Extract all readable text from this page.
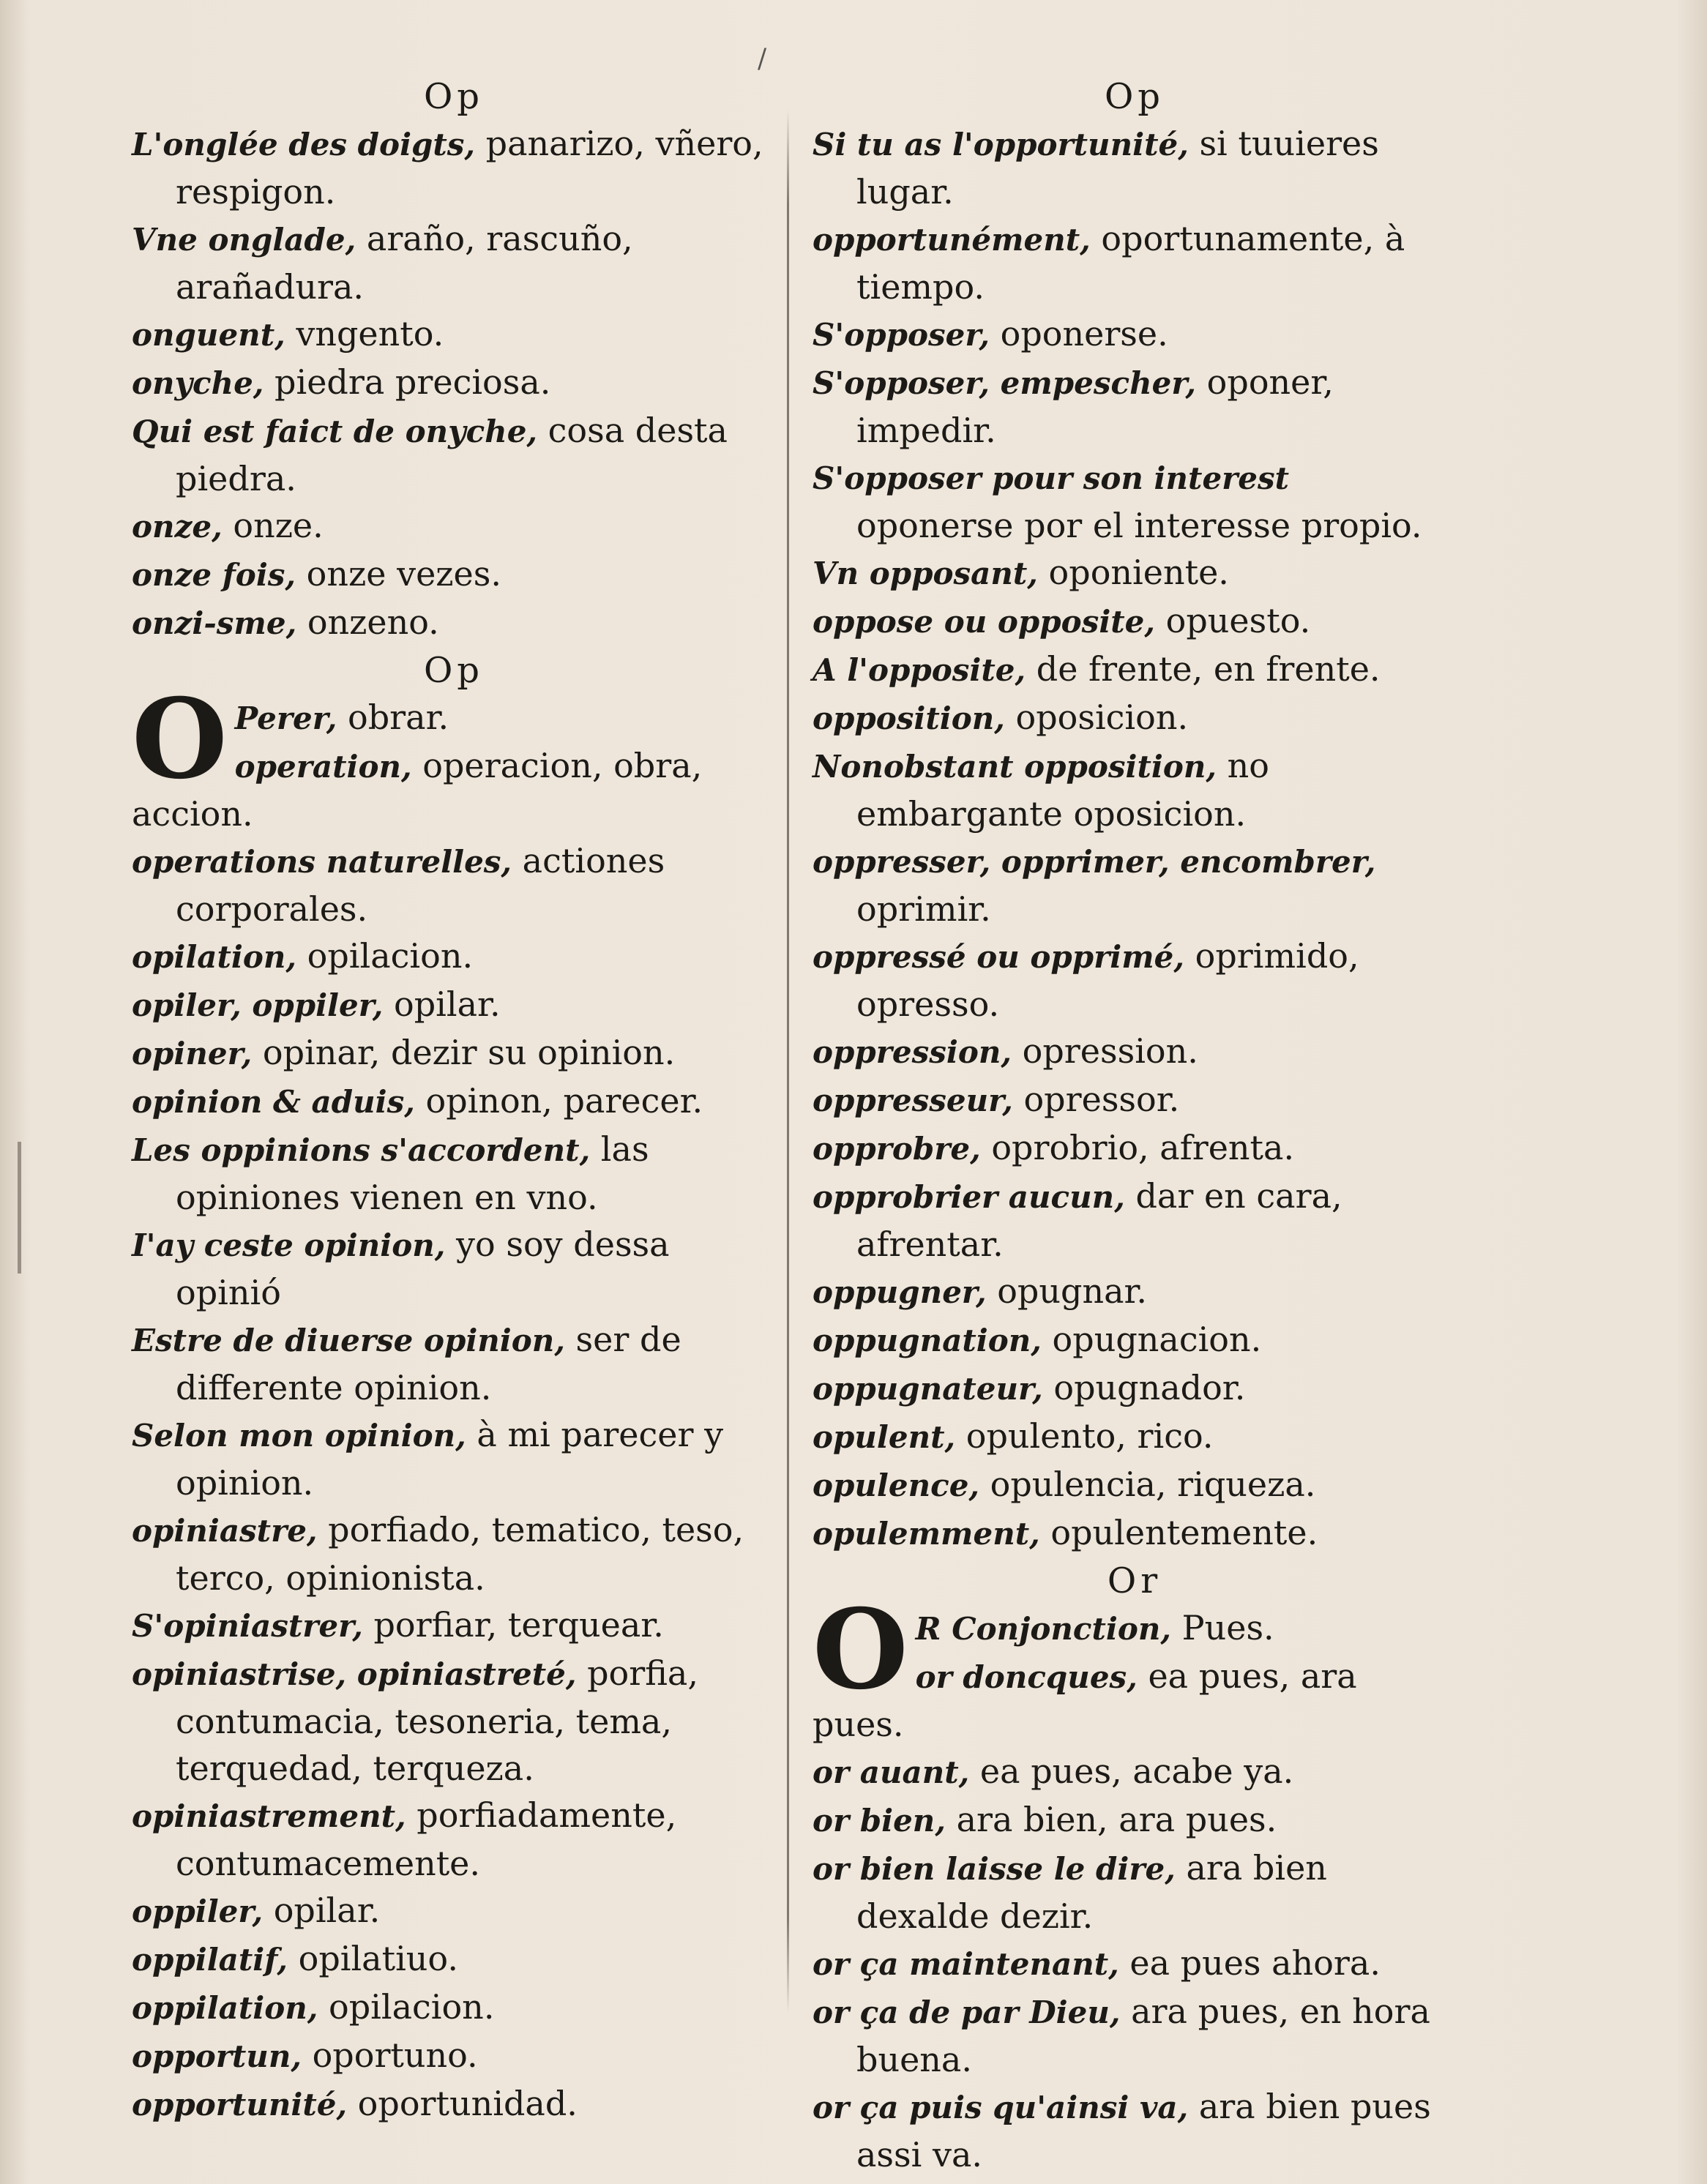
/
Op

L'onglée des doigts, panarizo, vñero, respigon.

Vne onglade, araño, rascuño, arañadura.

onguent, vngento.

onyche, piedra preciosa.

Qui est faict de onyche, cosa desta piedra.

onze, onze.

onze fois, onze vezes.

onzi-sme, onzeno.

Op
O Perer, obrar.

operation, operacion, obra, accion.

operations naturelles, actiones corporales.

opilation, opilacion.

opiler, oppiler, opilar.

opiner, opinar, dezir su opinion.

opinion & aduis, opinon, parecer.

Les oppinions s'accordent, las opiniones vienen en vno.

I'ay ceste opinion, yo soy dessa opinió

Estre de diuerse opinion, ser de differente opinion.

Selon mon opinion, à mi parecer y opinion.

opiniastre, porfiado, tematico, teso, terco, opinionista.

S'opiniastrer, porfiar, terquear.

opiniastrise, opiniastreté, porfia, contumacia, tesoneria, tema, terquedad, terqueza.

opiniastrement, porfiadamente, contumacemente.

oppiler, opilar.

oppilatif, opilatiuo.

oppilation, opilacion.

opportun, oportuno.

opportunité, oportunidad.

Op

Si tu as l'opportunité, si tuuieres lugar.

opportunément, oportunamente, à tiempo.

S'opposer, oponerse.

S'opposer, empescher, oponer, impedir.

S'opposer pour son interest oponerse por el interesse propio.

Vn opposant, oponiente.

oppose ou opposite, opuesto.

A l'opposite, de frente, en frente.

opposition, oposicion.

Nonobstant opposition, no embargante oposicion.

oppresser, opprimer, encombrer, oprimir.

oppressé ou opprimé, oprimido, opresso.

oppression, opression.

oppresseur, opressor.

opprobre, oprobrio, afrenta.

opprobrier aucun, dar en cara, afrentar.

oppugner, opugnar.

oppugnation, opugnacion.

oppugnateur, opugnador.

opulent, opulento, rico.

opulence, opulencia, riqueza.

opulemment, opulentemente.

Or
O R Conjonction, Pues.

or doncques, ea pues, ara pues.

or auant, ea pues, acabe ya.

or bien, ara bien, ara pues.

or bien laisse le dire, ara bien dexalde dezir.

or ça maintenant, ea pues ahora.

or ça de par Dieu, ara pues, en hora buena.

or ça puis qu'ainsi va, ara bien pues assi va.
